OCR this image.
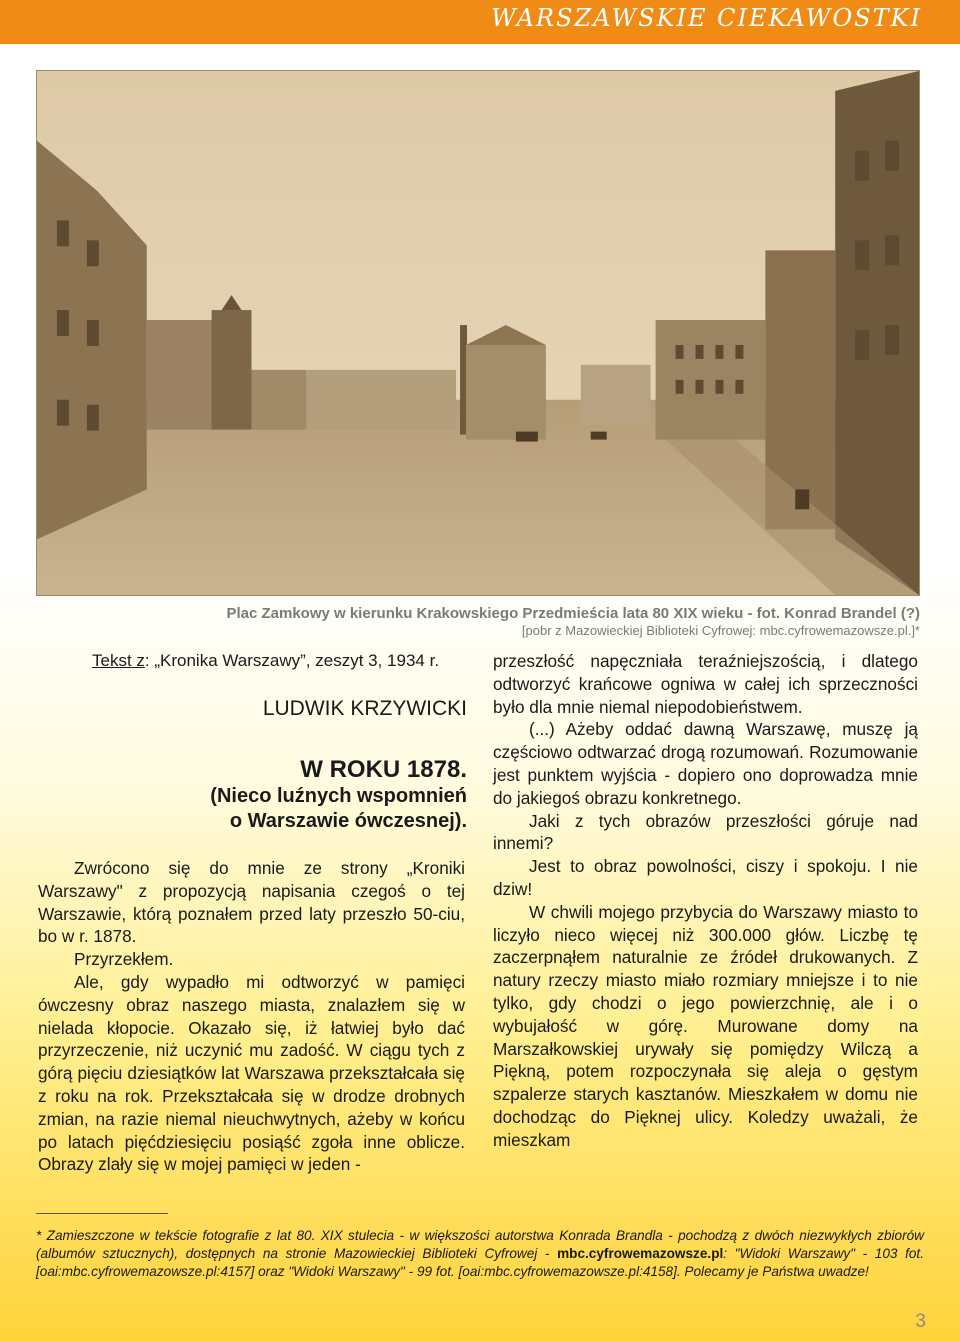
WARSZAWSKIE CIEKAWOSTKI
Plac Zamkowy w kierunku Krakowskiego Przedmieścia lata 80 XIX wieku - fot. Konrad Brandel (?)
[pobr z Mazowieckiej Biblioteki Cyfrowej: mbc.cyfrowemazowsze.pl.]*
Tekst z: „Kronika Warszawy”, zeszyt 3, 1934 r.
LUDWIK KRZYWICKI
W ROKU 1878.
(Nieco luźnych wspomnień
o Warszawie ówczesnej).

Zwrócono się do mnie ze strony „Kroniki Warszawy" z propozycją napisania czegoś o tej Warszawie, którą poznałem przed laty przeszło 50-ciu, bo w r. 1878.

Przyrzekłem.

Ale, gdy wypadło mi odtworzyć w pamięci ówczesny obraz naszego miasta, znalazłem się w nielada kłopocie. Okazało się, iż łatwiej było dać przyrzeczenie, niż uczynić mu zadość. W ciągu tych z górą pięciu dziesiątków lat Warszawa przekształcała się z roku na rok. Przekształcała się w drodze drobnych zmian, na razie niemal nieuchwytnych, ażeby w końcu po latach pięćdziesięciu posiąść zgoła inne oblicze. Obrazy zlały się w mojej pamięci w jeden -

przeszłość napęczniała teraźniejszością, i dlatego odtworzyć krańcowe ogniwa w całej ich sprzeczności było dla mnie niemal niepodobieństwem.

(...) Ażeby oddać dawną Warszawę, muszę ją częściowo odtwarzać drogą rozumowań. Rozumowanie jest punktem wyjścia - dopiero ono doprowadza mnie do jakiegoś obrazu konkretnego.

Jaki z tych obrazów przeszłości góruje nad innemi?

Jest to obraz powolności, ciszy i spokoju. I nie dziw!

W chwili mojego przybycia do Warszawy miasto to liczyło nieco więcej niż 300.000 głów. Liczbę tę zaczerpnąłem naturalnie ze źródeł drukowanych. Z natury rzeczy miasto miało rozmiary mniejsze i to nie tylko, gdy chodzi o jego powierzchnię, ale i o wybujałość w górę. Murowane domy na Marszałkowskiej urywały się pomiędzy Wilczą a Piękną, potem rozpoczynała się aleja o gęstym szpalerze starych kasztanów. Mieszkałem w domu nie dochodząc do Pięknej ulicy. Koledzy uważali, że mieszkam

* Zamieszczone w tekście fotografie z lat 80. XIX stulecia - w większości autorstwa Konrada Brandla - pochodzą z dwóch niezwykłych zbiorów (albumów sztucznych), dostępnych na stronie Mazowieckiej Biblioteki Cyfrowej - mbc.cyfrowemazowsze.pl: "Widoki Warszawy" - 103 fot. [oai:mbc.cyfrowemazowsze.pl:4157] oraz "Widoki Warszawy" - 99 fot. [oai:mbc.cyfrowemazowsze.pl:4158]. Polecamy je Państwa uwadze!
3
